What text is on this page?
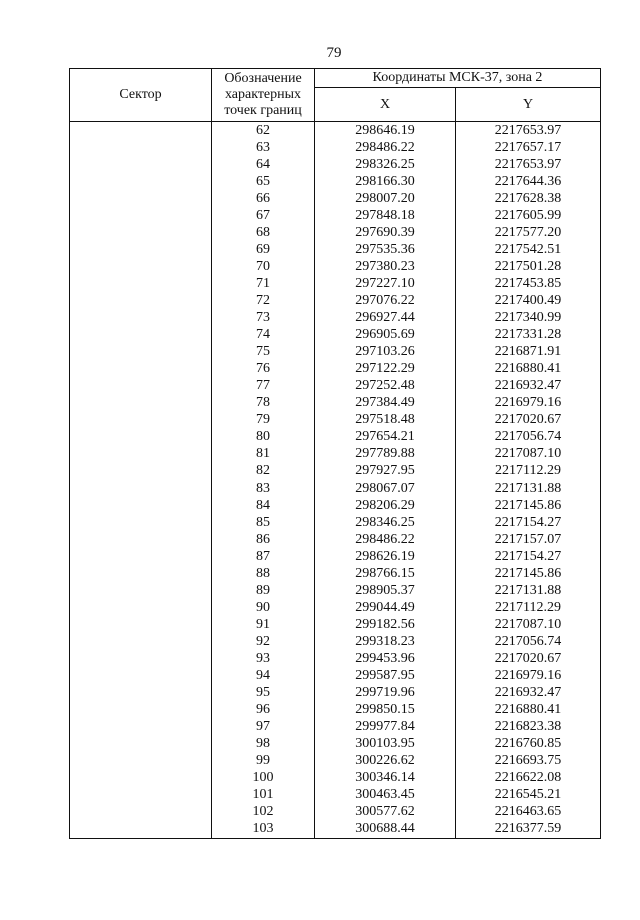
79
Сектор	Обозначение
характерных
точек границ	Координаты МСК-37, зона 2	
		X	Y
	62	298646.19	2217653.97
	63	298486.22	2217657.17
	64	298326.25	2217653.97
	65	298166.30	2217644.36
	66	298007.20	2217628.38
	67	297848.18	2217605.99
	68	297690.39	2217577.20
	69	297535.36	2217542.51
	70	297380.23	2217501.28
	71	297227.10	2217453.85
	72	297076.22	2217400.49
	73	296927.44	2217340.99
	74	296905.69	2217331.28
	75	297103.26	2216871.91
	76	297122.29	2216880.41
	77	297252.48	2216932.47
	78	297384.49	2216979.16
	79	297518.48	2217020.67
	80	297654.21	2217056.74
	81	297789.88	2217087.10
	82	297927.95	2217112.29
	83	298067.07	2217131.88
	84	298206.29	2217145.86
	85	298346.25	2217154.27
	86	298486.22	2217157.07
	87	298626.19	2217154.27
	88	298766.15	2217145.86
	89	298905.37	2217131.88
	90	299044.49	2217112.29
	91	299182.56	2217087.10
	92	299318.23	2217056.74
	93	299453.96	2217020.67
	94	299587.95	2216979.16
	95	299719.96	2216932.47
	96	299850.15	2216880.41
	97	299977.84	2216823.38
	98	300103.95	2216760.85
	99	300226.62	2216693.75
	100	300346.14	2216622.08
	101	300463.45	2216545.21
	102	300577.62	2216463.65
	103	300688.44	2216377.59
